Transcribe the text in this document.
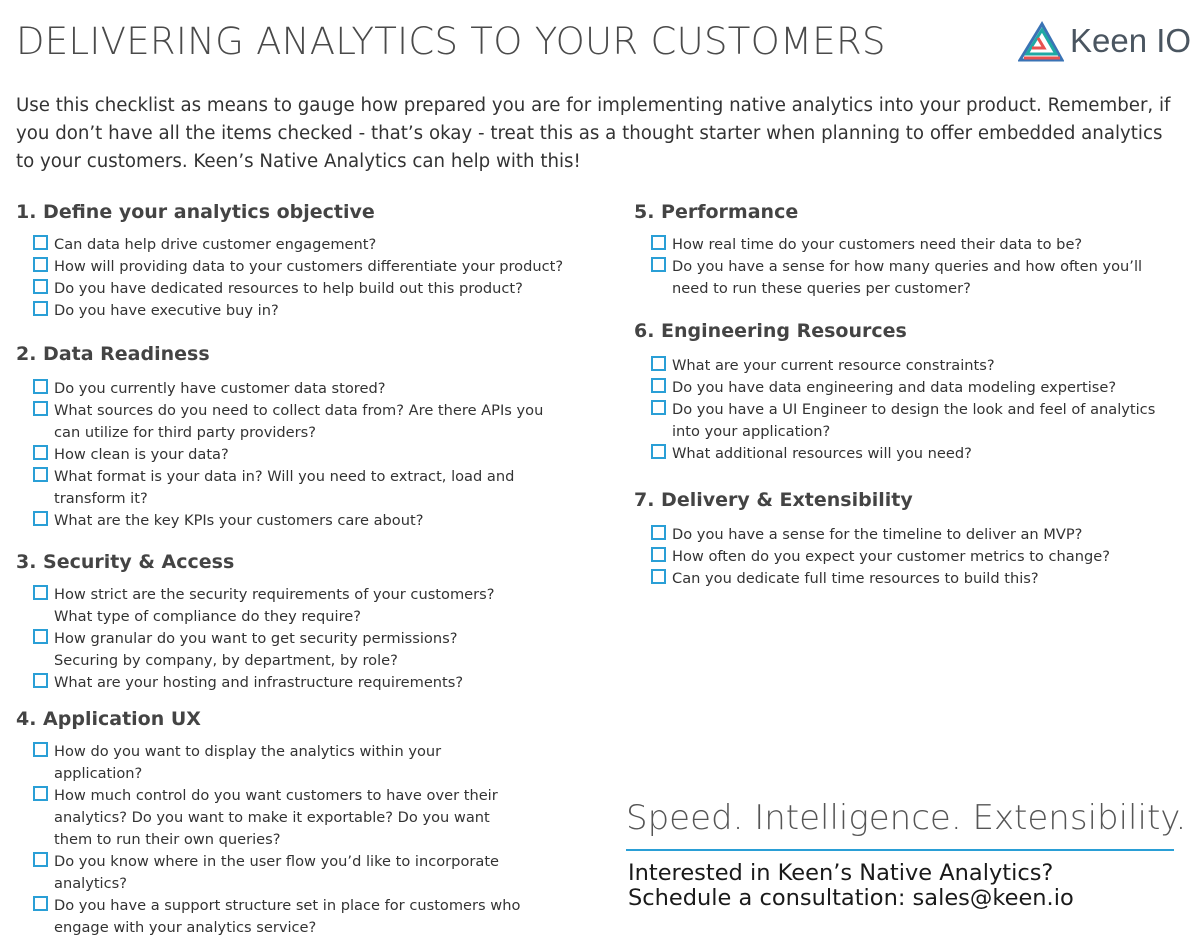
DELIVERING ANALYTICS TO YOUR CUSTOMERS	Keen IO

Use this checklist as means to gauge how prepared you are for implementing native analytics into your product. Remember, if you don’t have all the items checked - that’s okay - treat this as a thought starter when planning to offer embedded analytics to your customers. Keen’s Native Analytics can help with this!

1. Define your analytics objective
Can data help drive customer engagement?
How will providing data to your customers differentiate your product?
Do you have dedicated resources to help build out this product?
Do you have executive buy in?
2. Data Readiness
Do you currently have customer data stored?
What sources do you need to collect data from? Are there APIs you can utilize for third party providers?
How clean is your data?
What format is your data in? Will you need to extract, load and transform it?
What are the key KPIs your customers care about?
3. Security & Access
How strict are the security requirements of your customers? What type of compliance do they require?
How granular do you want to get security permissions? Securing by company, by department, by role?
What are your hosting and infrastructure requirements?
4. Application UX
How do you want to display the analytics within your application?
How much control do you want customers to have over their analytics? Do you want to make it exportable? Do you want them to run their own queries?
Do you know where in the user flow you’d like to incorporate analytics?
Do you have a support structure set in place for customers who engage with your analytics service?
5. Performance
How real time do your customers need their data to be?
Do you have a sense for how many queries and how often you’ll need to run these queries per customer?
6. Engineering Resources
What are your current resource constraints?
Do you have data engineering and data modeling expertise?
Do you have a UI Engineer to design the look and feel of analytics into your application?
What additional resources will you need?
7. Delivery & Extensibility
Do you have a sense for the timeline to deliver an MVP?
How often do you expect your customer metrics to change?
Can you dedicate full time resources to build this?

Speed. Intelligence. Extensibility.

Interested in Keen’s Native Analytics?
Schedule a consultation: sales@keen.io
